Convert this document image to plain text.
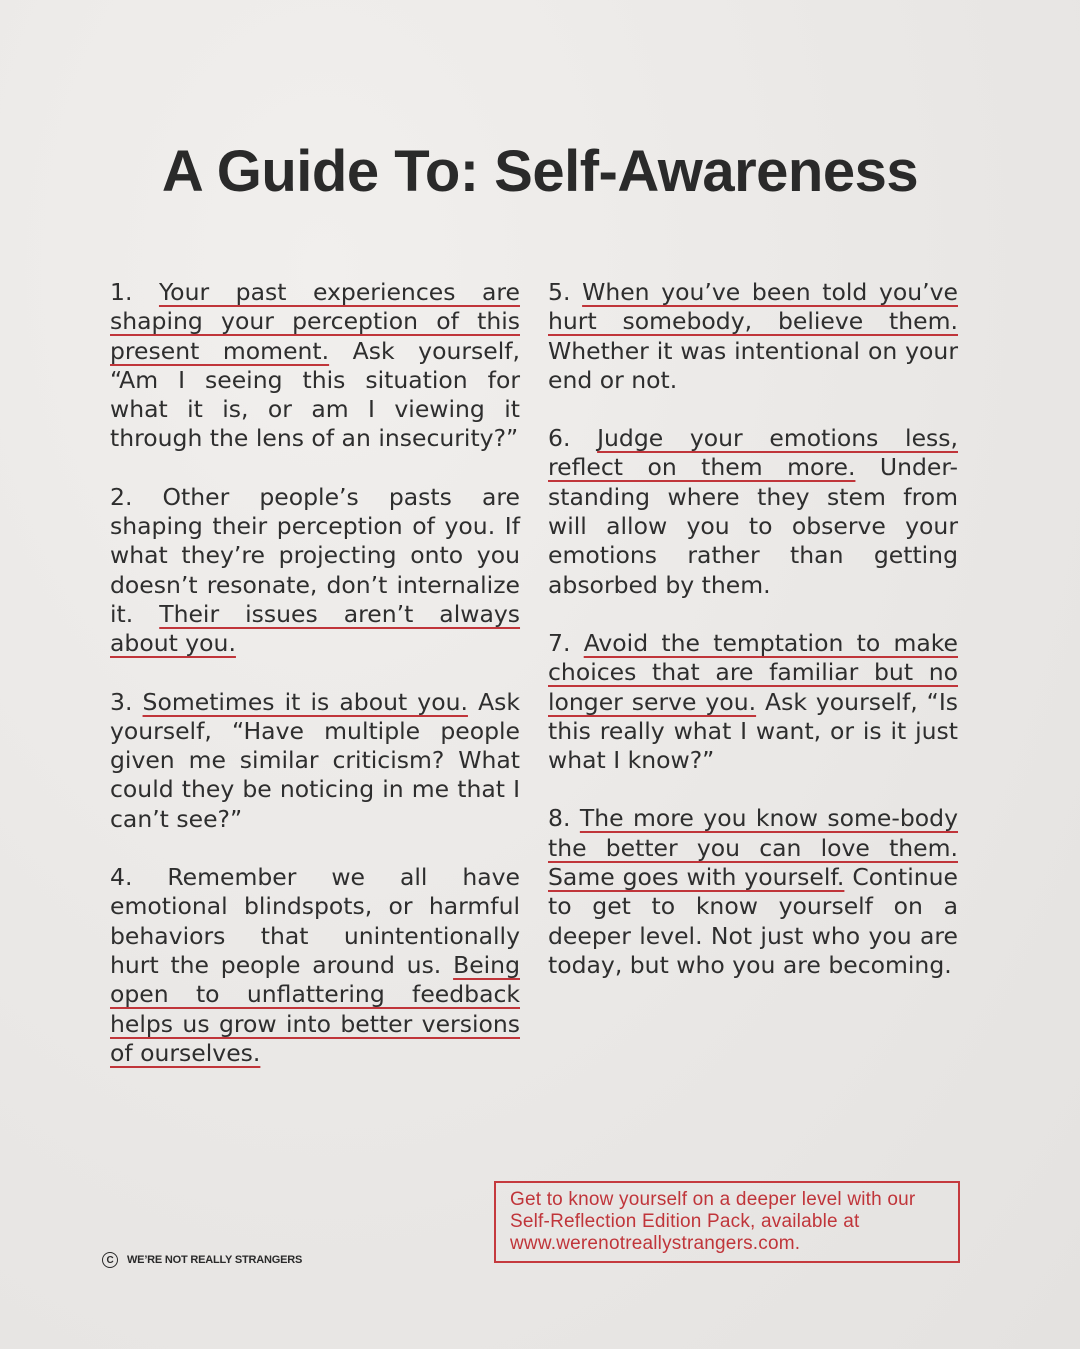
A Guide To: Self-Awareness

1. Your past experiences are shaping your perception of this present moment. Ask yourself, “Am I seeing this situation for what it is, or am I viewing it through the lens of an insecurity?”

2. Other people’s pasts are shaping their perception of you. If what they’re projecting onto you doesn’t resonate, don’t internalize it. Their issues aren’t always about you.

3. Sometimes it is about you. Ask yourself, “Have multiple people given me similar criticism? What could they be noticing in me that I can’t see?”

4. Remember we all have emotional blindspots, or harmful behaviors that unintentionally hurt the people around us. Being open to unflattering feedback helps us grow into better versions of ourselves.

5. When you’ve been told you’ve hurt somebody, believe them. Whether it was intentional on your end or not.

6. Judge your emotions less, reflect on them more. Under-standing where they stem from will allow you to observe your emotions rather than getting absorbed by them.

7. Avoid the temptation to make choices that are familiar but no longer serve you. Ask yourself, “Is this really what I want, or is it just what I know?”

8. The more you know some-body the better you can love them. Same goes with yourself. Continue to get to know yourself on a deeper level. Not just who you are today, but who you are becoming.

Get to know yourself on a deeper level with our Self-Reflection Edition Pack, available at www.werenotreallystrangers.com.
C	WE’RE NOT REALLY STRANGERS
